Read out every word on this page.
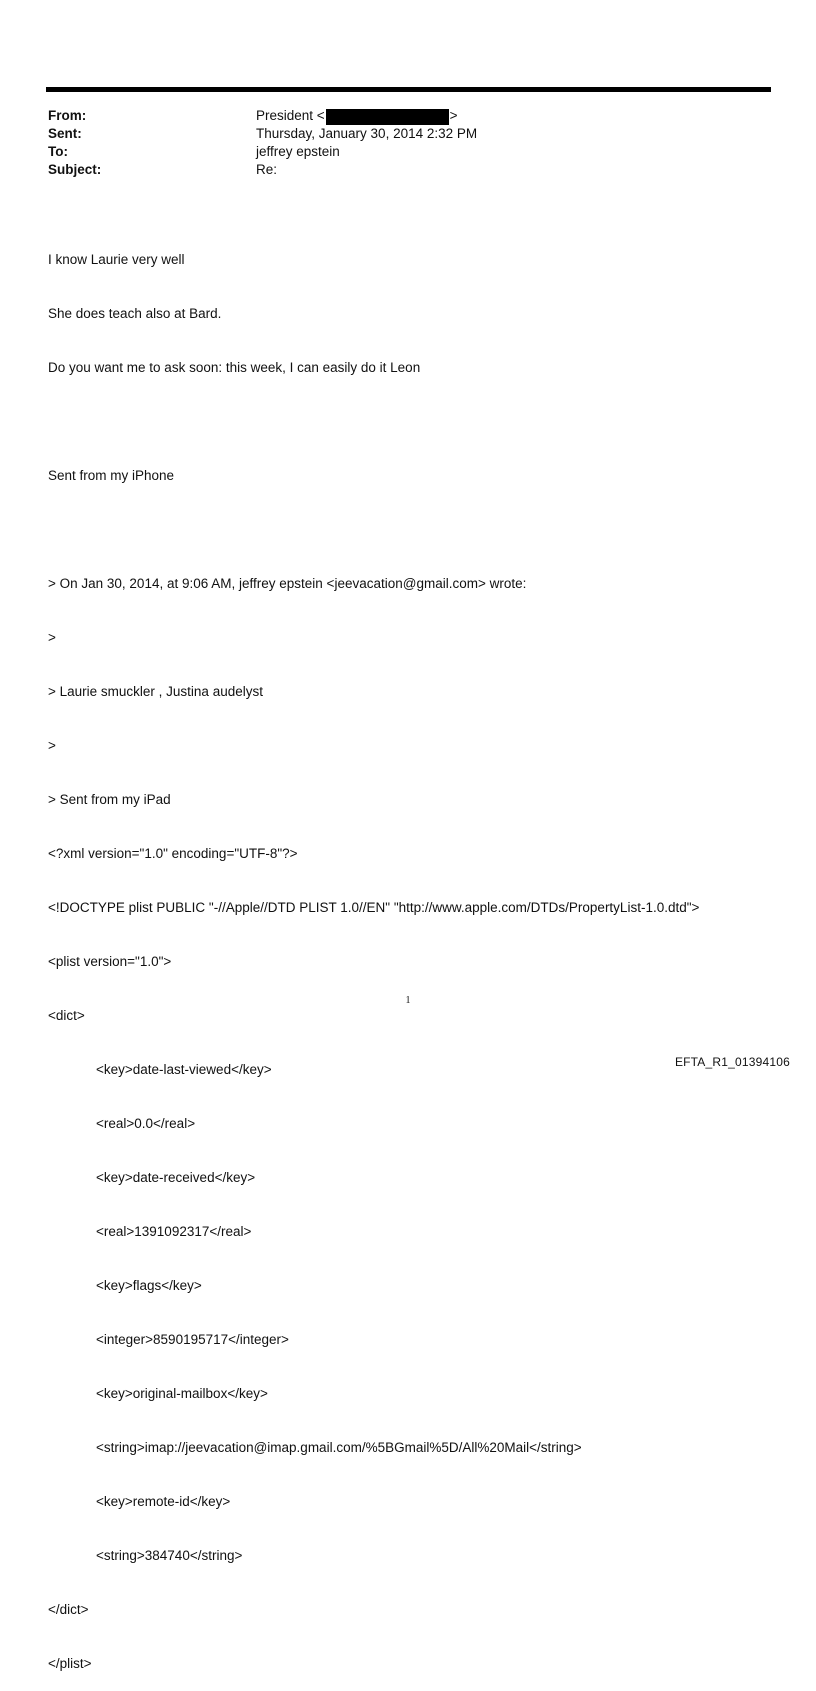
From:	President <	>
Sent:	Thursday, January 30, 2014 2:32 PM
To:	jeffrey epstein
Subject:	Re:

I know Laurie very well

She does teach also at Bard.

Do you want me to ask soon: this week, I can easily do it Leon

Sent from my iPhone

> On Jan 30, 2014, at 9:06 AM, jeffrey epstein <jeevacation@gmail.com> wrote:

>

> Laurie smuckler , Justina audelyst

>

> Sent from my iPad

<?xml version="1.0" encoding="UTF-8"?>

<!DOCTYPE plist PUBLIC "-//Apple//DTD PLIST 1.0//EN" "http://www.apple.com/DTDs/PropertyList-1.0.dtd">

<plist version="1.0">

<dict>

<key>date-last-viewed</key>

<real>0.0</real>

<key>date-received</key>

<real>1391092317</real>

<key>flags</key>

<integer>8590195717</integer>

<key>original-mailbox</key>

<string>imap://jeevacation@imap.gmail.com/%5BGmail%5D/All%20Mail</string>

<key>remote-id</key>

<string>384740</string>

</dict>

</plist>

1
EFTA_R1_01394106
